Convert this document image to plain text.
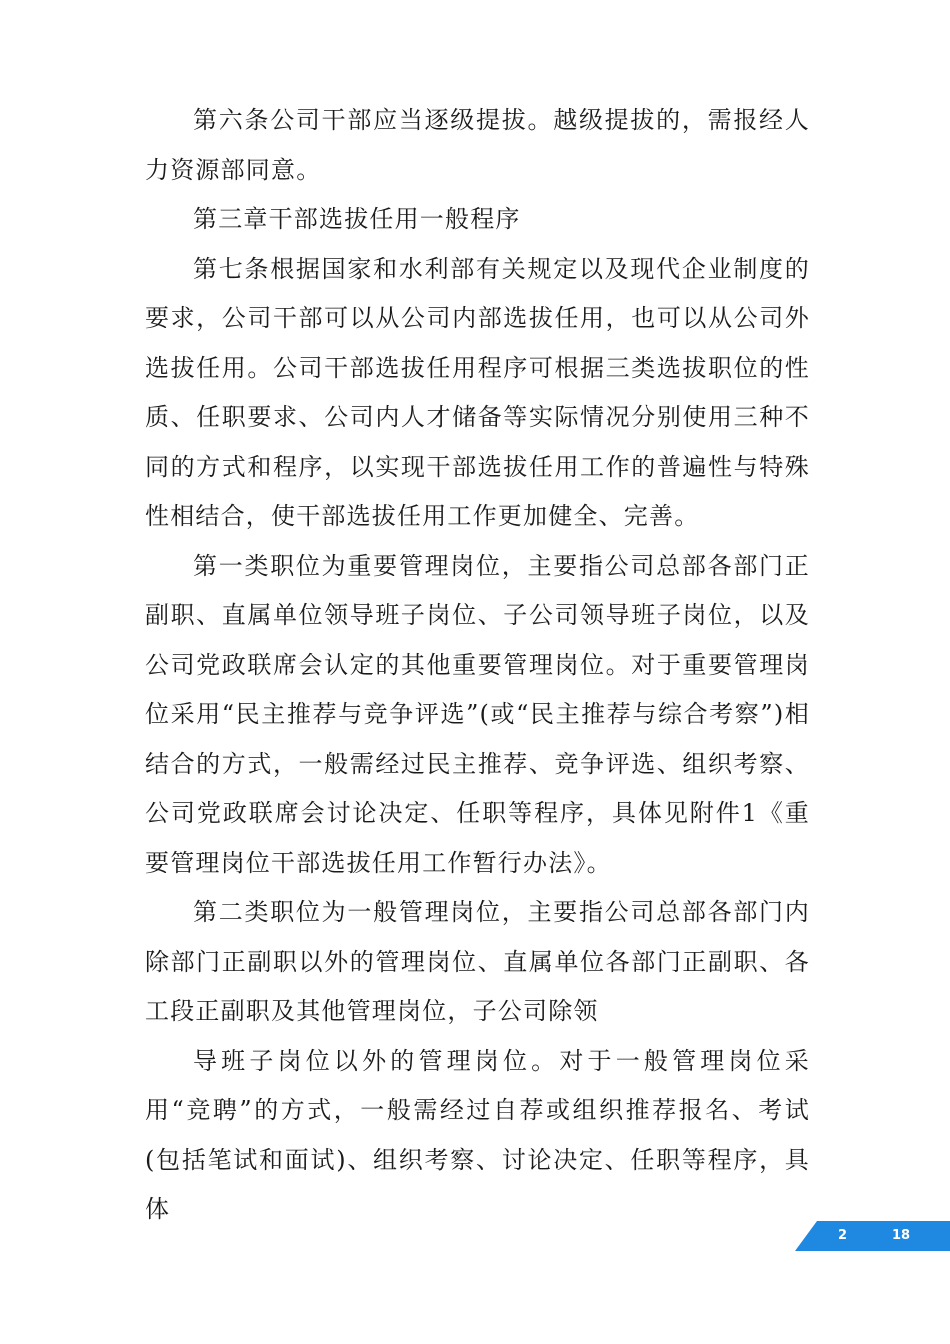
第六条公司干部应当逐级提拔。越级提拔的，需报经人力资源部同意。

第三章干部选拔任用一般程序

第七条根据国家和水利部有关规定以及现代企业制度的要求，公司干部可以从公司内部选拔任用，也可以从公司外选拔任用。公司干部选拔任用程序可根据三类选拔职位的性质、任职要求、公司内人才储备等实际情况分别使用三种不同的方式和程序，以实现干部选拔任用工作的普遍性与特殊性相结合，使干部选拔任用工作更加健全、完善。

第一类职位为重要管理岗位，主要指公司总部各部门正副职、直属单位领导班子岗位、子公司领导班子岗位，以及公司党政联席会认定的其他重要管理岗位。对于重要管理岗位采用“民主推荐与竞争评选”(或“民主推荐与综合考察”)相结合的方式，一般需经过民主推荐、竞争评选、组织考察、公司党政联席会讨论决定、任职等程序，具体见附件1《重要管理岗位干部选拔任用工作暂行办法》。

第二类职位为一般管理岗位，主要指公司总部各部门内除部门正副职以外的管理岗位、直属单位各部门正副职、各工段正副职及其他管理岗位，子公司除领

导班子岗位以外的管理岗位。对于一般管理岗位采用“竞聘”的方式，一般需经过自荐或组织推荐报名、考试(包括笔试和面试)、组织考察、讨论决定、任职等程序，具体

2	18
